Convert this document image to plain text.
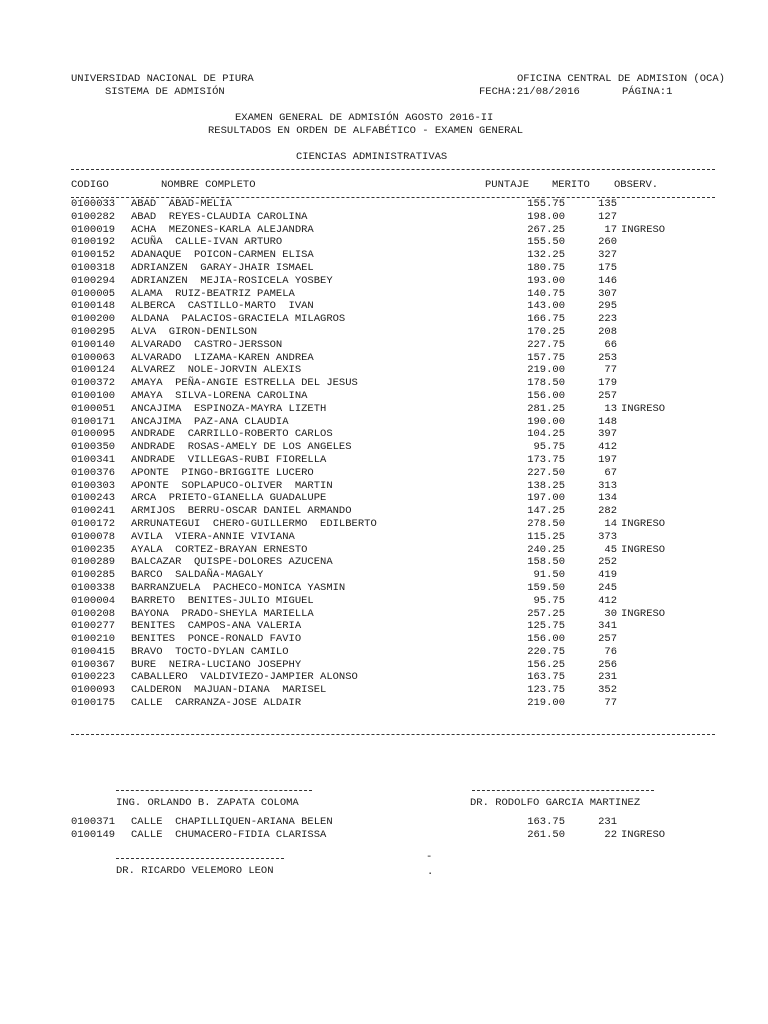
UNIVERSIDAD NACIONAL DE PIURA
SISTEMA DE ADMISIÓN
OFICINA CENTRAL DE ADMISION (OCA)
FECHA:21/08/2016	PÁGINA:1
EXAMEN GENERAL DE ADMISIÓN AGOSTO 2016-II
RESULTADOS EN ORDEN DE ALFABÉTICO - EXAMEN GENERAL
CIENCIAS ADMINISTRATIVAS
CODIGO	NOMBRE COMPLETO	PUNTAJE MERITO OBSERV.
0100033 ABAD  ABAD-MELIA	155.75	135
0100282 ABAD  REYES-CLAUDIA CAROLINA	198.00	127
0100019 ACHA  MEZONES-KARLA ALEJANDRA	267.25	17 INGRESO
0100192 ACUÑA  CALLE-IVAN ARTURO	155.50	260
0100152 ADANAQUE  POICON-CARMEN ELISA	132.25	327
0100318 ADRIANZEN  GARAY-JHAIR ISMAEL	180.75	175
0100294 ADRIANZEN  MEJIA-ROSICELA YOSBEY	193.00	146
0100005 ALAMA  RUIZ-BEATRIZ PAMELA	140.75	307
0100148 ALBERCA  CASTILLO-MARTO  IVAN	143.00	295
0100200 ALDANA  PALACIOS-GRACIELA MILAGROS	166.75	223
0100295 ALVA  GIRON-DENILSON	170.25	208
0100140 ALVARADO  CASTRO-JERSSON	227.75	66
0100063 ALVARADO  LIZAMA-KAREN ANDREA	157.75	253
0100124 ALVAREZ  NOLE-JORVIN ALEXIS	219.00	77
0100372 AMAYA  PEÑA-ANGIE ESTRELLA DEL JESUS	178.50	179
0100100 AMAYA  SILVA-LORENA CAROLINA	156.00	257
0100051 ANCAJIMA  ESPINOZA-MAYRA LIZETH	281.25	13 INGRESO
0100171 ANCAJIMA  PAZ-ANA CLAUDIA	190.00	148
0100095 ANDRADE  CARRILLO-ROBERTO CARLOS	104.25	397
0100350 ANDRADE  ROSAS-AMELY DE LOS ANGELES	95.75	412
0100341 ANDRADE  VILLEGAS-RUBI FIORELLA	173.75	197
0100376 APONTE  PINGO-BRIGGITE LUCERO	227.50	67
0100303 APONTE  SOPLAPUCO-OLIVER  MARTIN	138.25	313
0100243 ARCA  PRIETO-GIANELLA GUADALUPE	197.00	134
0100241 ARMIJOS  BERRU-OSCAR DANIEL ARMANDO	147.25	282
0100172 ARRUNATEGUI  CHERO-GUILLERMO  EDILBERTO	278.50	14 INGRESO
0100078 AVILA  VIERA-ANNIE VIVIANA	115.25	373
0100235 AYALA  CORTEZ-BRAYAN ERNESTO	240.25	45 INGRESO
0100289 BALCAZAR  QUISPE-DOLORES AZUCENA	158.50	252
0100285 BARCO  SALDAÑA-MAGALY	91.50	419
0100338 BARRANZUELA  PACHECO-MONICA YASMIN	159.50	245
0100004 BARRETO  BENITES-JULIO MIGUEL	95.75	412
0100208 BAYONA  PRADO-SHEYLA MARIELLA	257.25	30 INGRESO
0100277 BENITES  CAMPOS-ANA VALERIA	125.75	341
0100210 BENITES  PONCE-RONALD FAVIO	156.00	257
0100415 BRAVO  TOCTO-DYLAN CAMILO	220.75	76
0100367 BURE  NEIRA-LUCIANO JOSEPHY	156.25	256
0100223 CABALLERO  VALDIVIEZO-JAMPIER ALONSO	163.75	231
0100093 CALDERON  MAJUAN-DIANA  MARISEL	123.75	352
0100175 CALLE  CARRANZA-JOSE ALDAIR	219.00	77
ING. ORLANDO B. ZAPATA COLOMA	DR. RODOLFO GARCIA MARTINEZ
0100371 CALLE  CHAPILLIQUEN-ARIANA BELEN	163.75	231
0100149 CALLE  CHUMACERO-FIDIA CLARISSA	261.50	22 INGRESO
-
DR. RICARDO VELEMORO LEON	.
